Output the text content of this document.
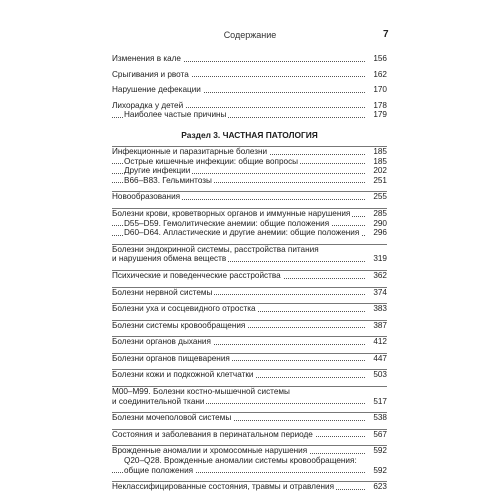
Содержание	7
Изменения в кале	156
Срыгивания и рвота	162
Нарушение дефекации	170
Лихорадка у детей	178
Наиболее частые причины	179
Раздел 3. ЧАСТНАЯ ПАТОЛОГИЯ
Инфекционные и паразитарные болезни	185
Острые кишечные инфекции: общие вопросы	185
Другие инфекции	202
B66–B83. Гельминтозы	251
Новообразования	255
Болезни крови, кроветворных органов и иммунные нарушения	285
D55–D59. Гемолитические анемии: общие положения	290
D60–D64. Апластические и другие анемии: общие положения 296
Болезни эндокринной системы, расстройства питания

и нарушения обмена веществ	319
Психические и поведенческие расстройства	362
Болезни нервной системы	374
Болезни уха и сосцевидного отростка	383
Болезни системы кровообращения	387
Болезни органов дыхания	412
Болезни органов пищеварения	447
Болезни кожи и подкожной клетчатки	503
M00–M99. Болезни костно-мышечной системы

и соединительной ткани	517
Болезни мочеполовой системы	538
Состояния и заболевания в перинатальном периоде	567
Врожденные аномалии и хромосомные нарушения	592
Q20–Q28. Врожденные аномалии системы кровообращения:

общие положения	592
Неклассифицированные состояния, травмы и отравления	623
